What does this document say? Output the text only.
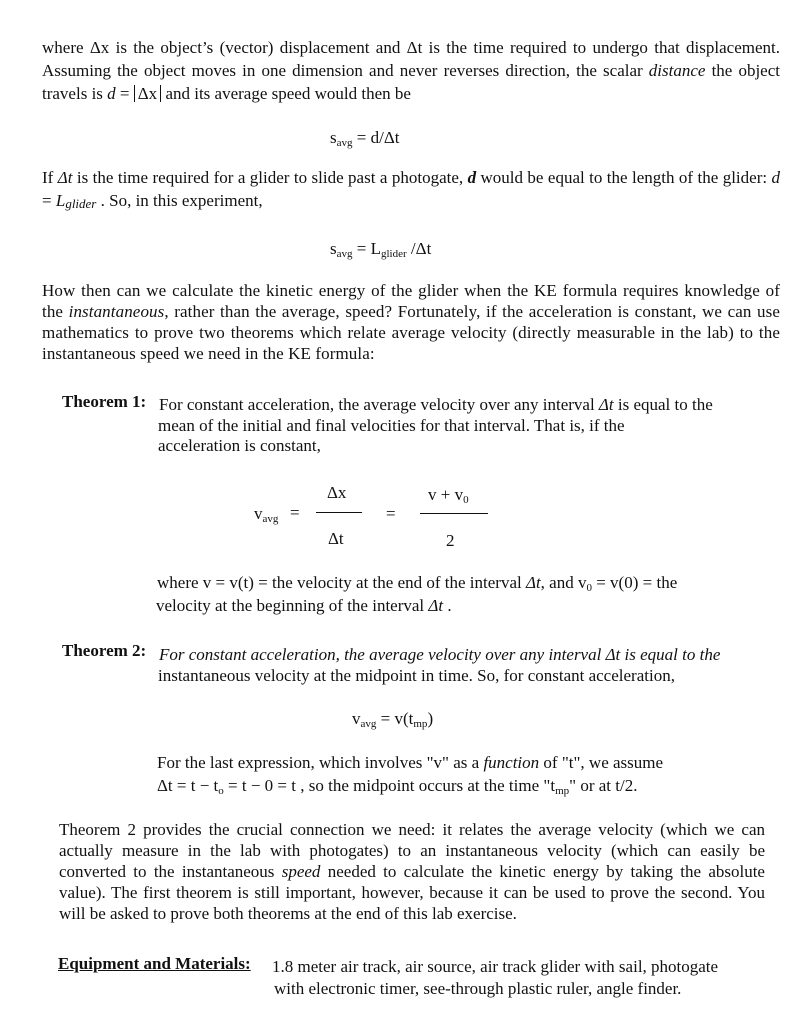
where Δx is the object’s (vector) displacement and Δt is the time required to undergo that displacement. Assuming the object moves in one dimension and never reverses direction, the scalar distance the object travels is d = Δx and its average speed would then be
$s_{avg} = d/\Delta t$
If Δt is the time required for a glider to slide past a photogate, d would be equal to the length of the glider: d = Lglider . So, in this experiment,
$s_{avg} = L_{glider}$ /Δt
How then can we calculate the kinetic energy of the glider when the KE formula requires knowledge of the instantaneous, rather than the average, speed? Fortunately, if the acceleration is constant, we can use mathematics to prove two theorems which relate average velocity (directly measurable in the lab) to the instantaneous speed we need in the KE formula:
Theorem 1: For constant acceleration, the average velocity over any interval Δt is equal to the
mean of the initial and final velocities for that interval. That is, if the
acceleration is constant,
$v_{avg}$ =
Δx
Δt
=
$v + v_0$
2
where v = v(t) = the velocity at the end of the interval Δt, and $v_0 = v(0)$ = the
velocity at the beginning of the interval Δt .
Theorem 2: For constant acceleration, the average velocity over any interval Δt is equal to the
instantaneous velocity at the midpoint in time. So, for constant acceleration,
$v_{avg} = v(t_{mp})$
For the last expression, which involves "v" as a function of "t", we assume
$\Delta t = t - t_o = t - 0 = t$ , so the midpoint occurs at the time "$t_{mp}$" or at t/2.
Theorem 2 provides the crucial connection we need: it relates the average velocity (which we can actually measure in the lab with photogates) to an instantaneous velocity (which can easily be converted to the instantaneous speed needed to calculate the kinetic energy by taking the absolute value). The first theorem is still important, however, because it can be used to prove the second. You will be asked to prove both theorems at the end of this lab exercise.
Equipment and Materials: 1.8 meter air track, air source, air track glider with sail, photogate
with electronic timer, see-through plastic ruler, angle finder.
